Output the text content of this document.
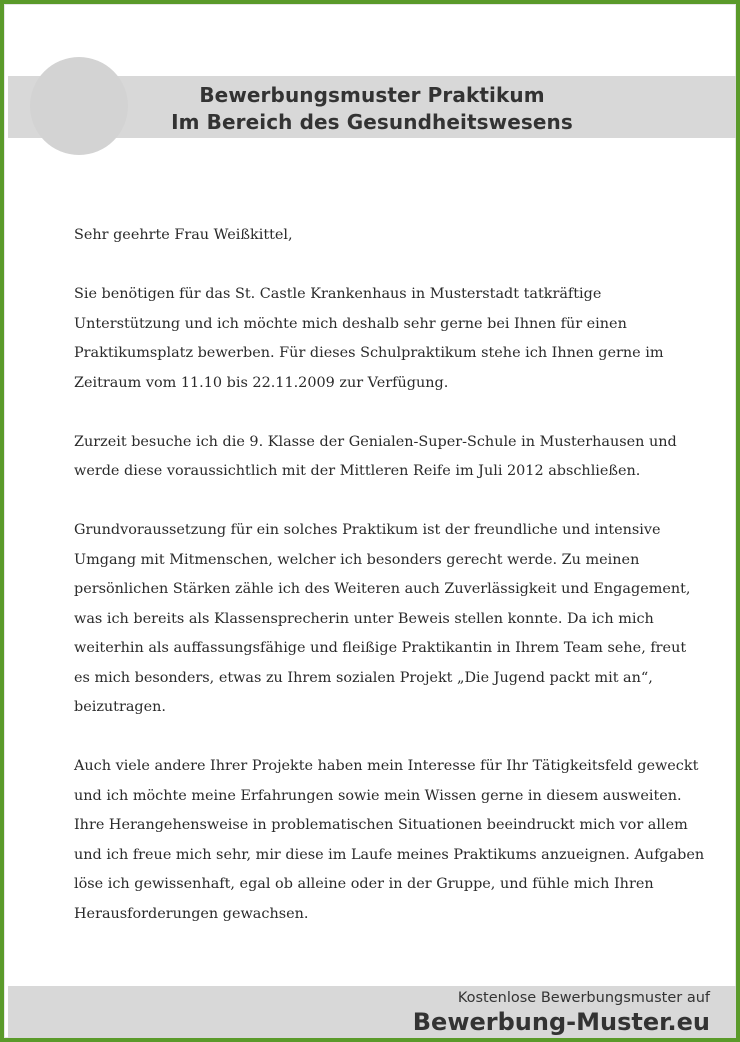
Bewerbungsmuster Praktikum
Im Bereich des Gesundheitswesens

Sehr geehrte Frau Weißkittel,

Sie benötigen für das St. Castle Krankenhaus in Musterstadt tatkräftige
Unterstützung und ich möchte mich deshalb sehr gerne bei Ihnen für einen
Praktikumsplatz bewerben. Für dieses Schulpraktikum stehe ich Ihnen gerne im
Zeitraum vom 11.10 bis 22.11.2009 zur Verfügung.

Zurzeit besuche ich die 9. Klasse der Genialen-Super-Schule in Musterhausen und
werde diese voraussichtlich mit der Mittleren Reife im Juli 2012 abschließen.

Grundvoraussetzung für ein solches Praktikum ist der freundliche und intensive
Umgang mit Mitmenschen, welcher ich besonders gerecht werde. Zu meinen
persönlichen Stärken zähle ich des Weiteren auch Zuverlässigkeit und Engagement,
was ich bereits als Klassensprecherin unter Beweis stellen konnte. Da ich mich
weiterhin als auffassungsfähige und fleißige Praktikantin in Ihrem Team sehe, freut
es mich besonders, etwas zu Ihrem sozialen Projekt „Die Jugend packt mit an“,
beizutragen.

Auch viele andere Ihrer Projekte haben mein Interesse für Ihr Tätigkeitsfeld geweckt
und ich möchte meine Erfahrungen sowie mein Wissen gerne in diesem ausweiten.
Ihre Herangehensweise in problematischen Situationen beeindruckt mich vor allem
und ich freue mich sehr, mir diese im Laufe meines Praktikums anzueignen. Aufgaben
löse ich gewissenhaft, egal ob alleine oder in der Gruppe, und fühle mich Ihren
Herausforderungen gewachsen.

Kostenlose Bewerbungsmuster auf
Bewerbung-Muster.eu
